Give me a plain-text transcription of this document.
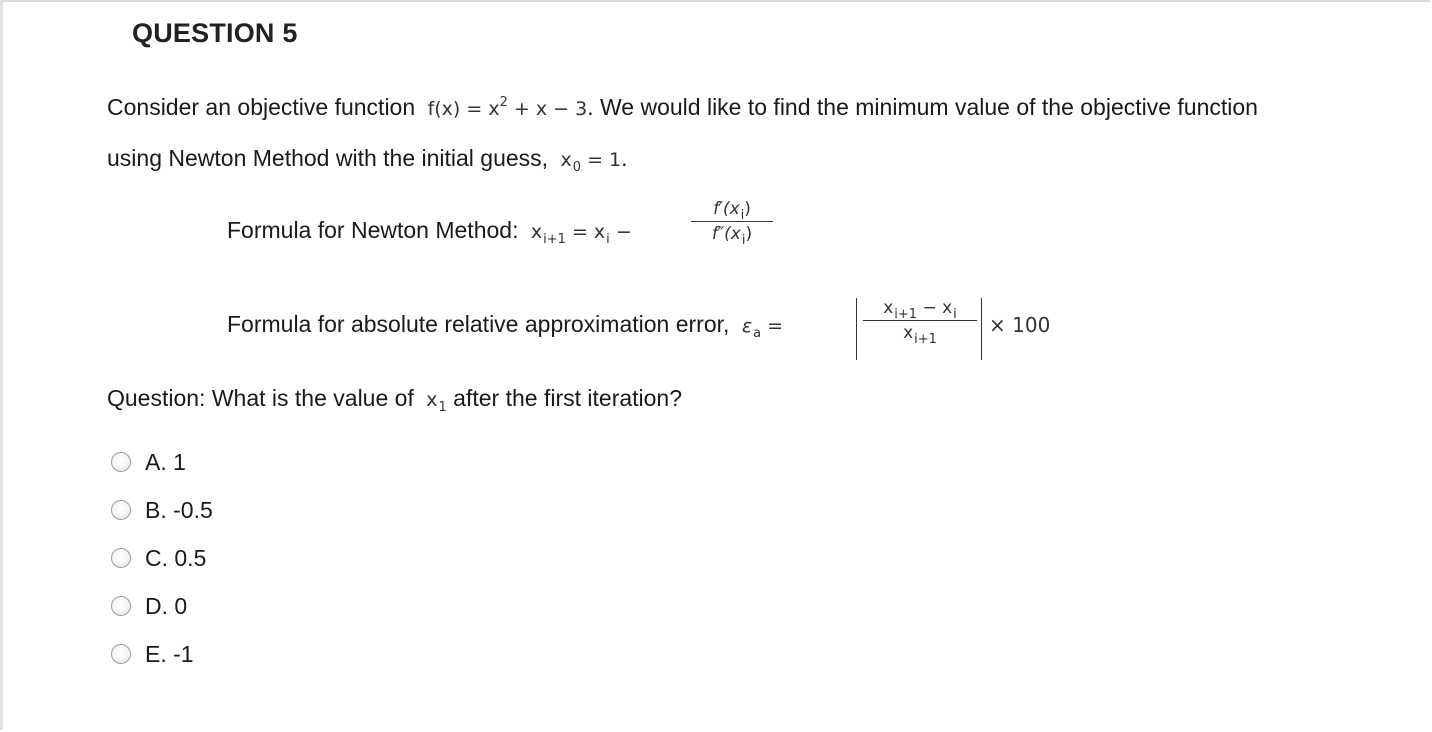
QUESTION 5
Consider an objective function $f(x) = x^2 + x - 3$. We would like to find the minimum value of the objective function
using Newton Method with the initial guess, $x_0 = 1$.
Formula for Newton Method: $x_{i+1} = x_i$ −
$f'(x_i)$
$f''(x_i)$
Formula for absolute relative approximation error, $\varepsilon_a$ =
$x_{i+1} - x_i$
$x_{i+1}$
× 100
Question: What is the value of $x_1$ after the first iteration?
A. 1
B. -0.5
C. 0.5
D. 0
E. -1
